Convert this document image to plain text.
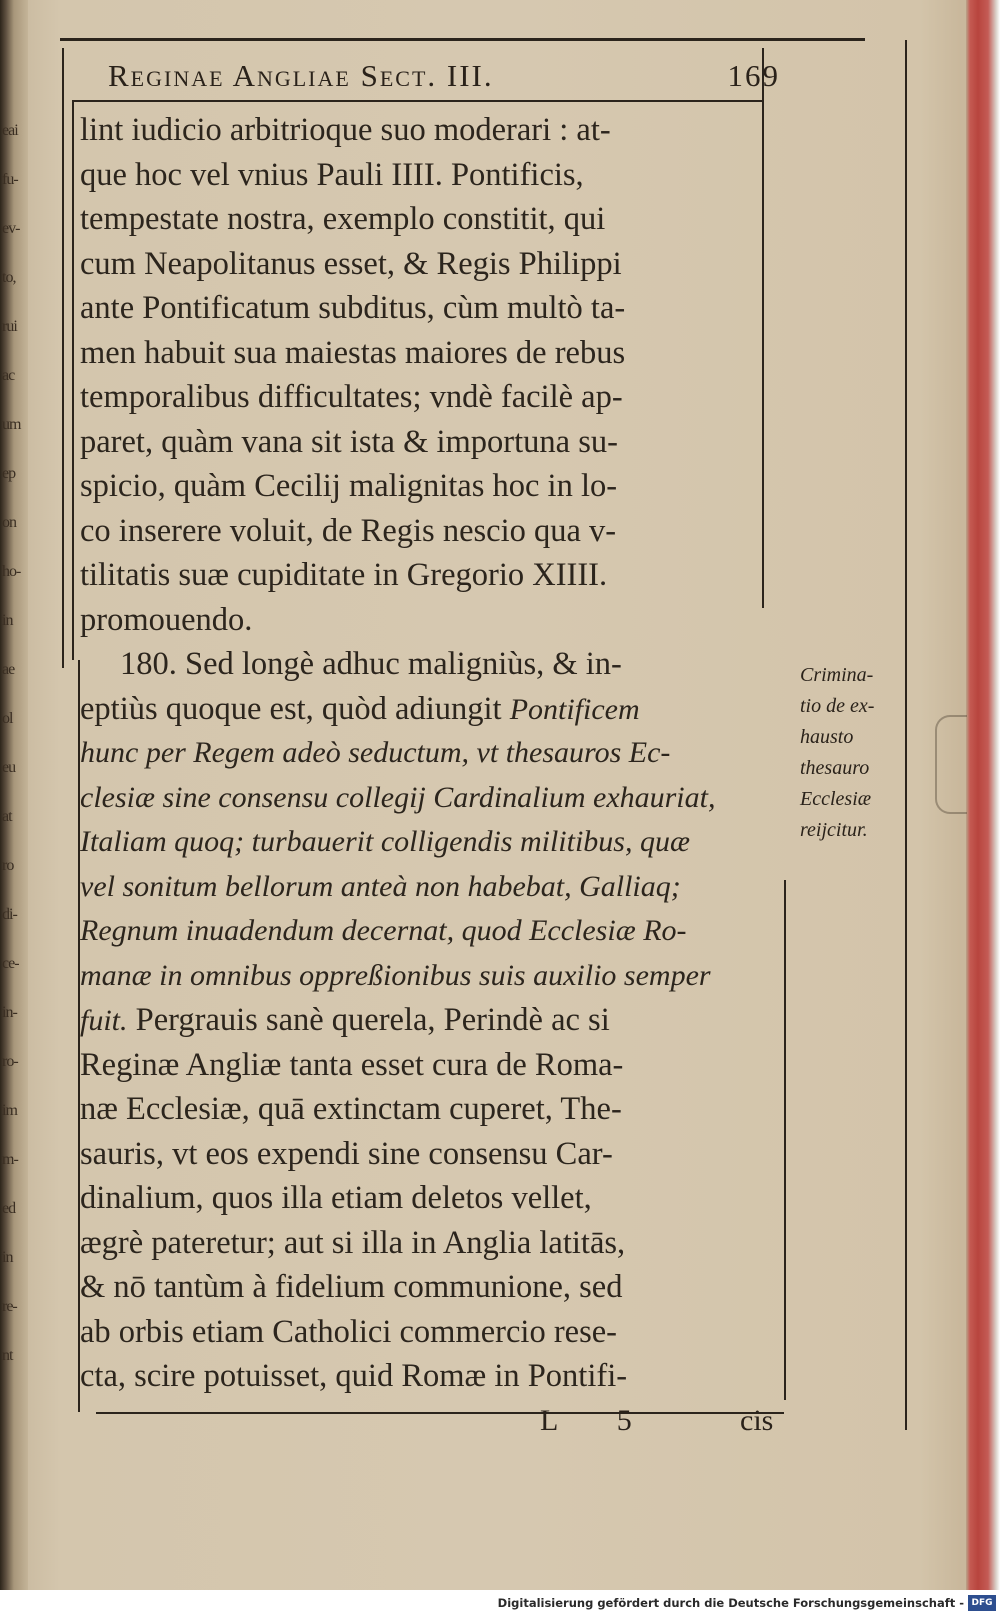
eai
fu-
ev-
to,
rui
ac
um
ep
on
ho-
in
ae
ol
eu
at
ro
di-
ce-
in-
ro-
im
m-
ed
in
re-
nt
Reginae Angliae Sect. III.	169
lint iudicio arbitrioque suo moderari : at-
que hoc vel vnius Pauli IIII. Pontificis,
tempestate nostra, exemplo constitit, qui
cum Neapolitanus esset, & Regis Philippi
ante Pontificatum subditus, cùm multò ta-
men habuit sua maiestas maiores de rebus
temporalibus difficultates; vndè facilè ap-
paret, quàm vana sit ista & importuna su-
spicio, quàm Cecilij malignitas hoc in lo-
co inserere voluit, de Regis nescio qua v-
tilitatis suæ cupiditate in Gregorio XIIII.
promouendo.
180. Sed longè adhuc maligniùs, & in-
eptiùs quoque est, quòd adiungit Pontificem
hunc per Regem adeò seductum, vt thesauros Ec-
clesiæ sine consensu collegij Cardinalium exhauriat,
Italiam quoq; turbauerit colligendis militibus, quæ
vel sonitum bellorum anteà non habebat, Galliaq;
Regnum inuadendum decernat, quod Ecclesiæ Ro-
manæ in omnibus oppreßionibus suis auxilio semper
fuit. Pergrauis sanè querela, Perindè ac si
Reginæ Angliæ tanta esset cura de Roma-
næ Ecclesiæ, quā extinctam cuperet, The-
sauris, vt eos expendi sine consensu Car-
dinalium, quos illa etiam deletos vellet,
ægrè pateretur; aut si illa in Anglia latitās,
& nō tantùm à fidelium communione, sed
ab orbis etiam Catholici commercio rese-
cta, scire potuisset, quid Romæ in Pontifi-
Crimina-
tio de ex-
hausto
thesauro
Ecclesiæ
reijcitur.
L 5	cis
Digitalisierung gefördert durch die Deutsche Forschungsgemeinschaft - DFG
